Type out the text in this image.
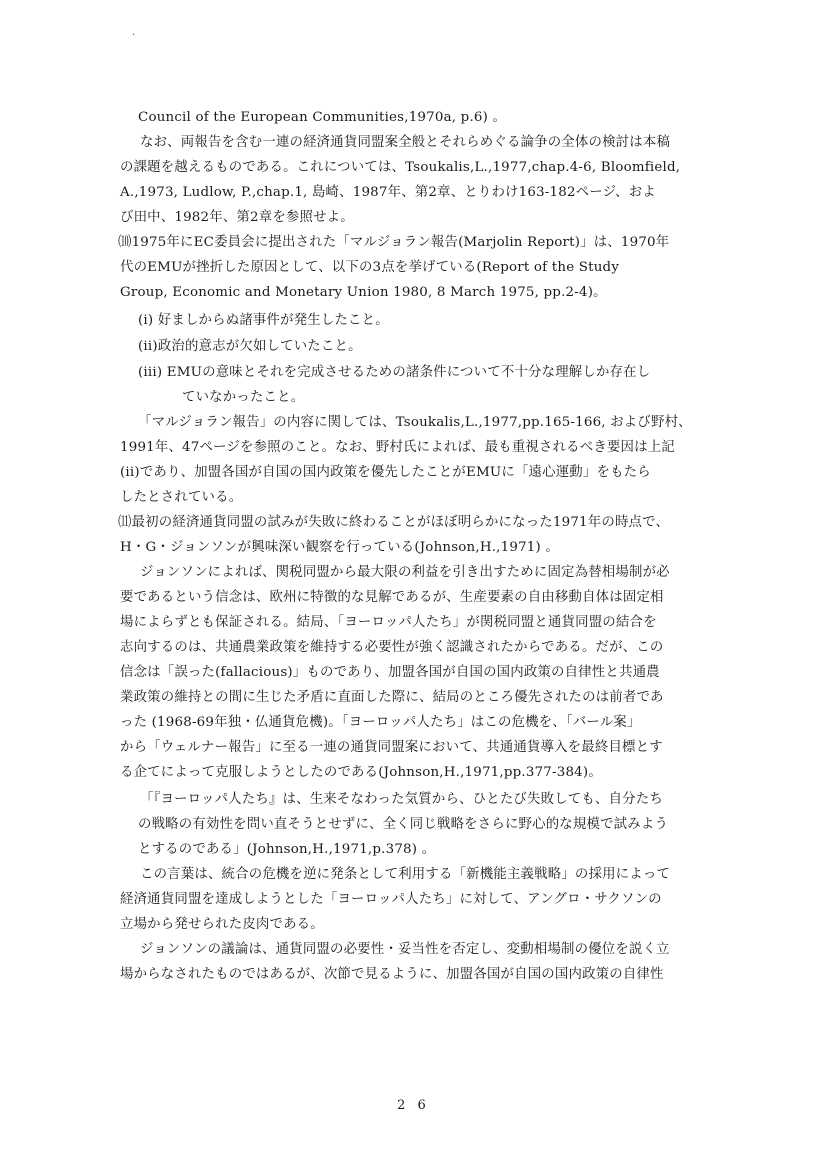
·
Council of the European Communities,1970a, p.6) 。
なお、両報告を含む一連の経済通貨同盟案全般とそれらめぐる論争の全体の検討は本稿
の課題を越えるものである。これについては、Tsoukalis,L.,1977,chap.4-6, Bloomfield,
A.,1973, Ludlow, P.,chap.1, 島崎、1987年、第2章、とりわけ163-182ページ、およ
び田中、1982年、第2章を参照せよ。
⑽1975年にEC委員会に提出された「マルジョラン報告(Marjolin Report)」は、1970年
代のEMUが挫折した原因として、以下の3点を挙げている(Report of the Study
Group, Economic and Monetary Union 1980, 8 March 1975, pp.2-4)。
(i) 好ましからぬ諸事件が発生したこと。
(ii)政治的意志が欠如していたこと。
(iii) EMUの意味とそれを完成させるための諸条件について不十分な理解しか存在し
ていなかったこと。
「マルジョラン報告」の内容に関しては、Tsoukalis,L.,1977,pp.165-166, および野村、
1991年、47ページを参照のこと。なお、野村氏によれば、最も重視されるべき要因は上記
(ii)であり、加盟各国が自国の国内政策を優先したことがEMUに「遠心運動」をもたら
したとされている。
⑾最初の経済通貨同盟の試みが失敗に終わることがほぼ明らかになった1971年の時点で、
H・G・ジョンソンが興味深い観察を行っている(Johnson,H.,1971) 。
ジョンソンによれば、関税同盟から最大限の利益を引き出すために固定為替相場制が必
要であるという信念は、欧州に特徴的な見解であるが、生産要素の自由移動自体は固定相
場によらずとも保証される。結局、「ヨーロッパ人たち」が関税同盟と通貨同盟の結合を
志向するのは、共通農業政策を維持する必要性が強く認識されたからである。だが、この
信念は「誤った(fallacious)」ものであり、加盟各国が自国の国内政策の自律性と共通農
業政策の維持との間に生じた矛盾に直面した際に、結局のところ優先されたのは前者であ
った (1968-69年独・仏通貨危機)。「ヨーロッパ人たち」はこの危機を、「バール案」
から「ウェルナー報告」に至る一連の通貨同盟案において、共通通貨導入を最終目標とす
る企てによって克服しようとしたのである(Johnson,H.,1971,pp.377-384)。
「『ヨーロッパ人たち』は、生来そなわった気質から、ひとたび失敗しても、自分たち
の戦略の有効性を問い直そうとせずに、全く同じ戦略をさらに野心的な規模で試みよう
とするのである」(Johnson,H.,1971,p.378) 。
この言葉は、統合の危機を逆に発条として利用する「新機能主義戦略」の採用によって
経済通貨同盟を達成しようとした「ヨーロッパ人たち」に対して、アングロ・サクソンの
立場から発せられた皮肉である。
ジョンソンの議論は、通貨同盟の必要性・妥当性を否定し、変動相場制の優位を説く立
場からなされたものではあるが、次節で見るように、加盟各国が自国の国内政策の自律性
2 6
